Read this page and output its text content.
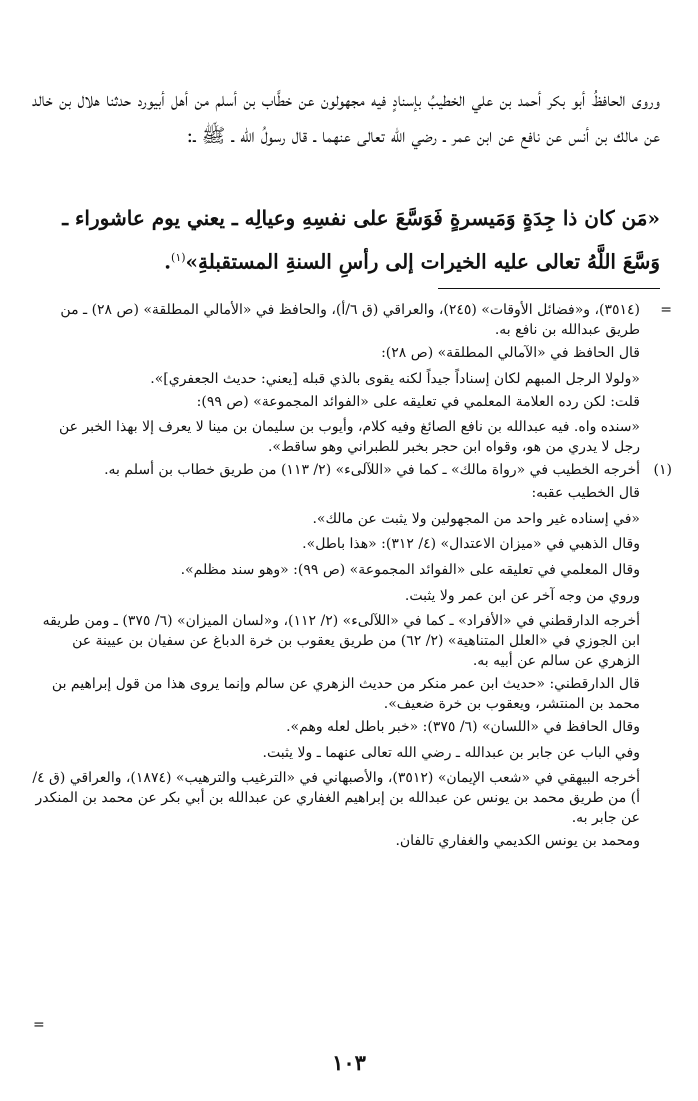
وروى الحافظُ أبو بكر أحمد بن علي الخطيبُ بإسنادٍ فيه مجهولون عن خطَّاب بن أسلم من أهل أبيورد حدثنا هلال بن خالد عن مالك بن أنس عن نافع عن ابن عمر ـ رضي الله تعالى عنهما ـ قال رسولُ الله ـ ﷺ ـ:

«مَن كان ذا جِدَةٍ وَمَيسرةٍ فَوَسَّعَ على نفسِهِ وعيالِه ـ يعني يوم عاشوراء ـ وَسَّعَ اللَّهُ تعالى عليه الخيرات إلى رأسِ السنةِ المستقبلةِ»$^{(١)}$.
=
(٣٥١٤)، و«فضائل الأوقات» (٢٤٥)، والعراقي (ق ٦/أ)، والحافظ في «الأمالي المطلقة» (ص ٢٨) ـ من طريق عبدالله بن نافع به.
قال الحافظ في «الآمالي المطلقة» (ص ٢٨):
«ولولا الرجل المبهم لكان إسناداً جيداً لكنه يقوى بالذي قبله [يعني: حديث الجعفري]».
قلت: لكن رده العلامة المعلمي في تعليقه على «الفوائد المجموعة» (ص ٩٩):
«سنده واه. فيه عبدالله بن نافع الصائغ وفيه كلام، وأيوب بن سليمان بن مينا لا يعرف إلا بهذا الخبر عن رجل لا يدري من هو، وقواه ابن حجر بخبر للطبراني وهو ساقط».
(١)
أخرجه الخطيب في «رواة مالك» ـ كما في «اللآلىء» (٢/ ١١٣) من طريق خطاب بن أسلم به.
قال الخطيب عقبه:
«في إسناده غير واحد من المجهولين ولا يثبت عن مالك».
وقال الذهبي في «ميزان الاعتدال» (٤/ ٣١٢): «هذا باطل».
وقال المعلمي في تعليقه على «الفوائد المجموعة» (ص ٩٩): «وهو سند مظلم».
وروي من وجه آخر عن ابن عمر ولا يثبت.
أخرجه الدارقطني في «الأفراد» ـ كما في «اللآلىء» (٢/ ١١٢)، و«لسان الميزان» (٦/ ٣٧٥) ـ ومن طريقه ابن الجوزي في «العلل المتناهية» (٢/ ٦٢) من طريق يعقوب بن خرة الدباغ عن سفيان بن عيينة عن الزهري عن سالم عن أبيه به.
قال الدارقطني: «حديث ابن عمر منكر من حديث الزهري عن سالم وإنما يروى هذا من قول إبراهيم بن محمد بن المنتشر، ويعقوب بن خرة ضعيف».
وقال الحافظ في «اللسان» (٦/ ٣٧٥): «خبر باطل لعله وهم».
وفي الباب عن جابر بن عبدالله ـ رضي الله تعالى عنهما ـ ولا يثبت.
أخرجه البيهقي في «شعب الإيمان» (٣٥١٢)، والأصبهاني في «الترغيب والترهيب» (١٨٧٤)، والعراقي (ق ٤/أ) من طريق محمد بن يونس عن عبدالله بن إبراهيم الغفاري عن عبدالله بن أبي بكر عن محمد بن المنكدر عن جابر به.
ومحمد بن يونس الكديمي والغفاري تالفان.
=
١٠٣
